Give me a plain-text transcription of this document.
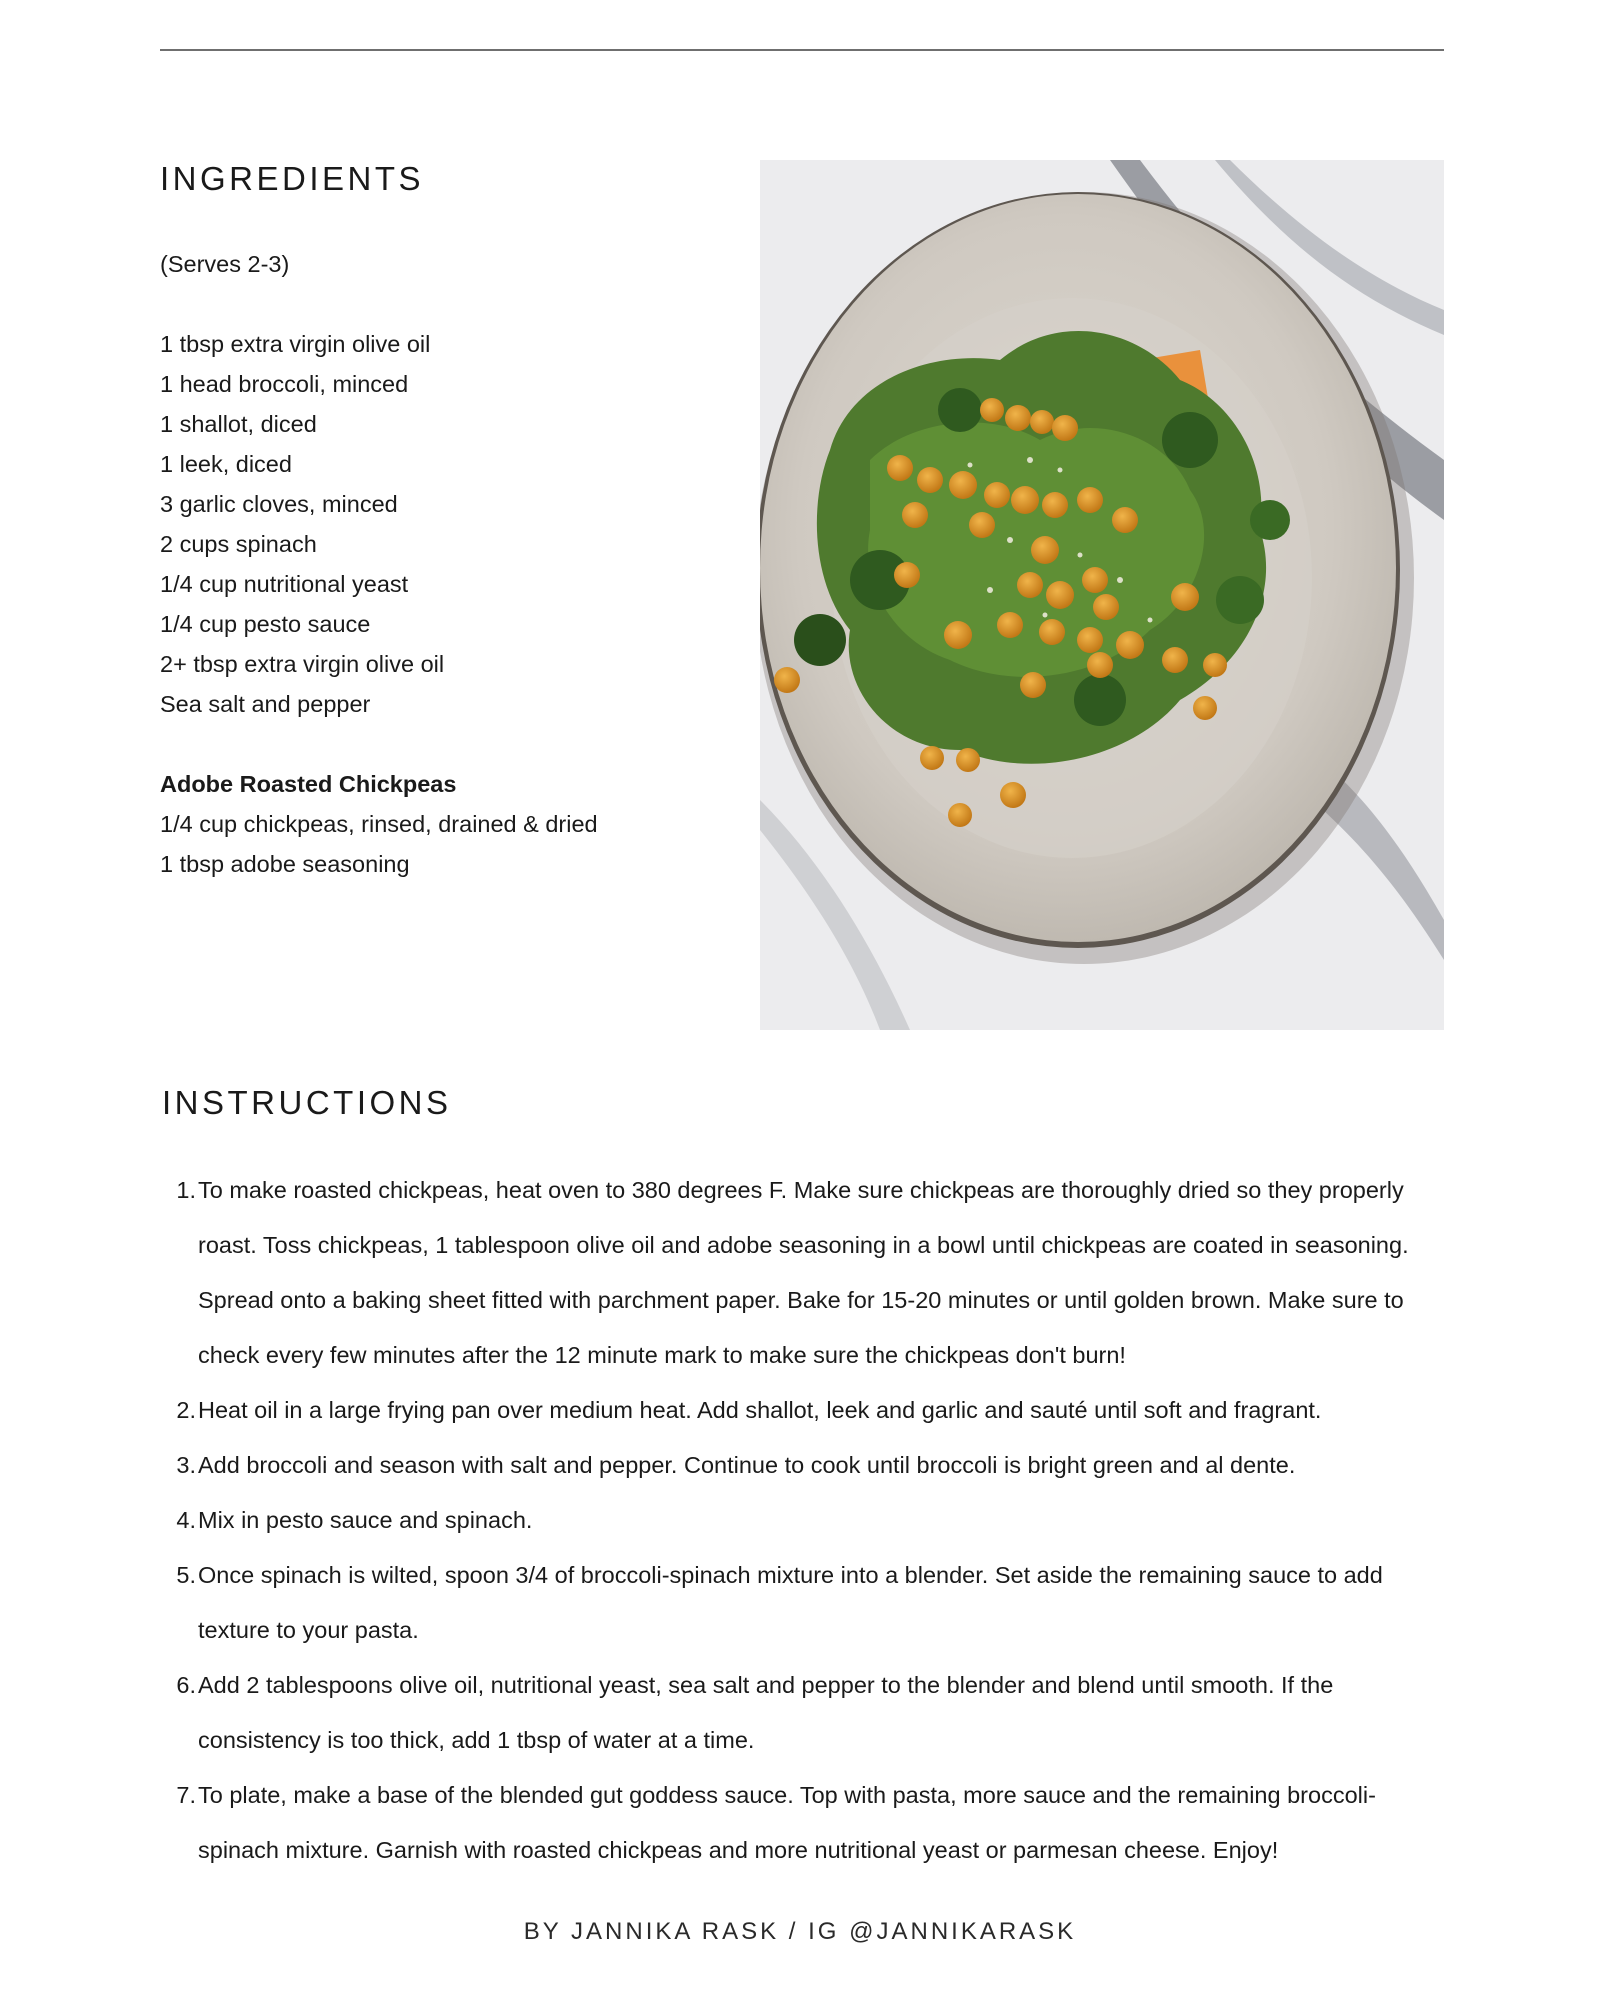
INGREDIENTS
(Serves 2-3)
1 tbsp extra virgin olive oil
1 head broccoli, minced
1 shallot, diced
1 leek, diced
3 garlic cloves, minced
2 cups spinach
1/4 cup nutritional yeast
1/4 cup pesto sauce
2+ tbsp extra virgin olive oil
Sea salt and pepper
Adobe Roasted Chickpeas
1/4 cup chickpeas, rinsed, drained & dried
1 tbsp adobe seasoning
INSTRUCTIONS
1. To make roasted chickpeas, heat oven to 380 degrees F. Make sure chickpeas are thoroughly dried so they properly roast. Toss chickpeas, 1 tablespoon olive oil and adobe seasoning in a bowl until chickpeas are coated in seasoning. Spread onto a baking sheet fitted with parchment paper. Bake for 15-20 minutes or until golden brown. Make sure to check every few minutes after the 12 minute mark to make sure the chickpeas don't burn!
2. Heat oil in a large frying pan over medium heat. Add shallot, leek and garlic and sauté until soft and fragrant.
3. Add broccoli and season with salt and pepper. Continue to cook until broccoli is bright green and al dente.
4. Mix in pesto sauce and spinach.
5. Once spinach is wilted, spoon 3/4 of broccoli-spinach mixture into a blender. Set aside the remaining sauce to add texture to your pasta.
6. Add 2 tablespoons olive oil, nutritional yeast, sea salt and pepper to the blender and blend until smooth. If the consistency is too thick, add 1 tbsp of water at a time.
7. To plate, make a base of the blended gut goddess sauce. Top with pasta, more sauce and the remaining broccoli-spinach mixture. Garnish with roasted chickpeas and more nutritional yeast or parmesan cheese. Enjoy!
BY JANNIKA RASK / IG @JANNIKARASK
